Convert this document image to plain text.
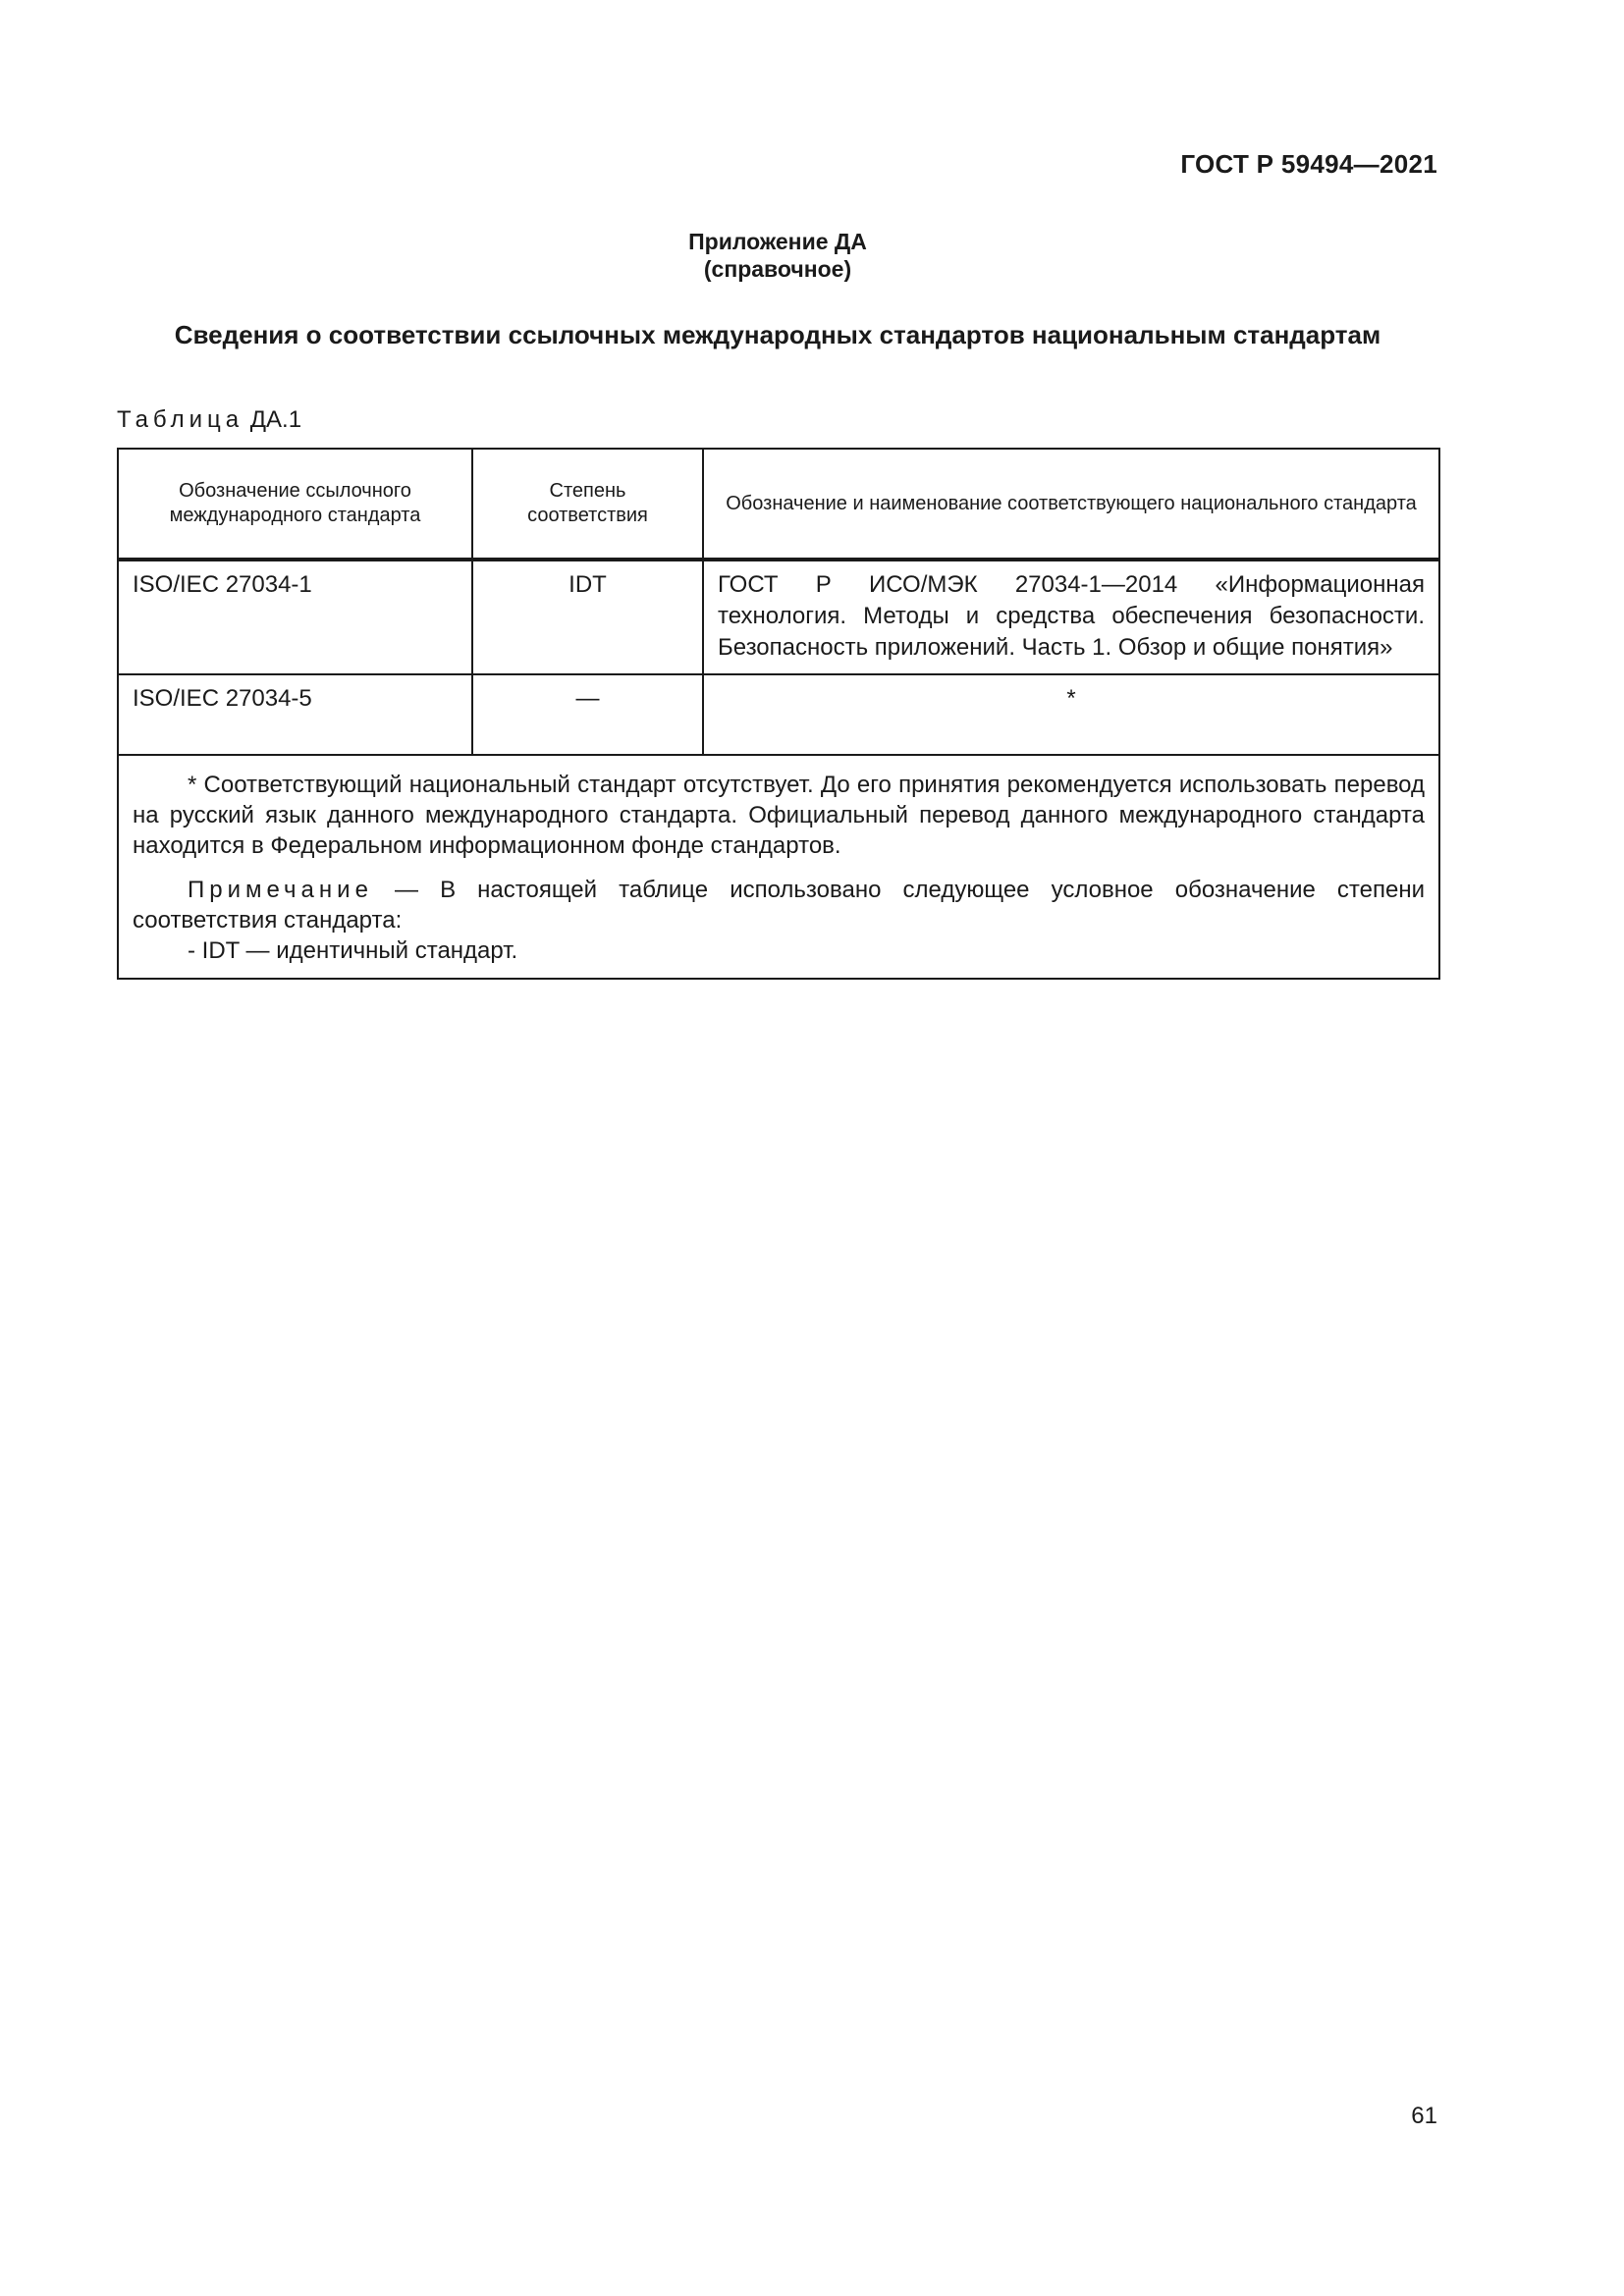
ГОСТ Р 59494—2021
Приложение ДА
(справочное)
Сведения о соответствии ссылочных международных стандартов национальным стандартам
Таблица ДА.1
Обозначение ссылочного международного стандарта	Степень соответствия	Обозначение и наименование соответствующего национального стандарта
ISO/IEC 27034-1	IDT	ГОСТ Р ИСО/МЭК 27034-1—2014 «Информационная технология. Методы и средства обеспечения безопасности. Безопасность приложений. Часть 1. Обзор и общие понятия»
ISO/IEC 27034-5	—	*

* Соответствующий национальный стандарт отсутствует. До его принятия рекомендуется использовать перевод на русский язык данного международного стандарта. Официальный перевод данного международного стандарта находится в Федеральном информационном фонде стандартов.

Примечание — В настоящей таблице использовано следующее условное обозначение степени соответствия стандарта:

- IDT — идентичный стандарт.		

61
